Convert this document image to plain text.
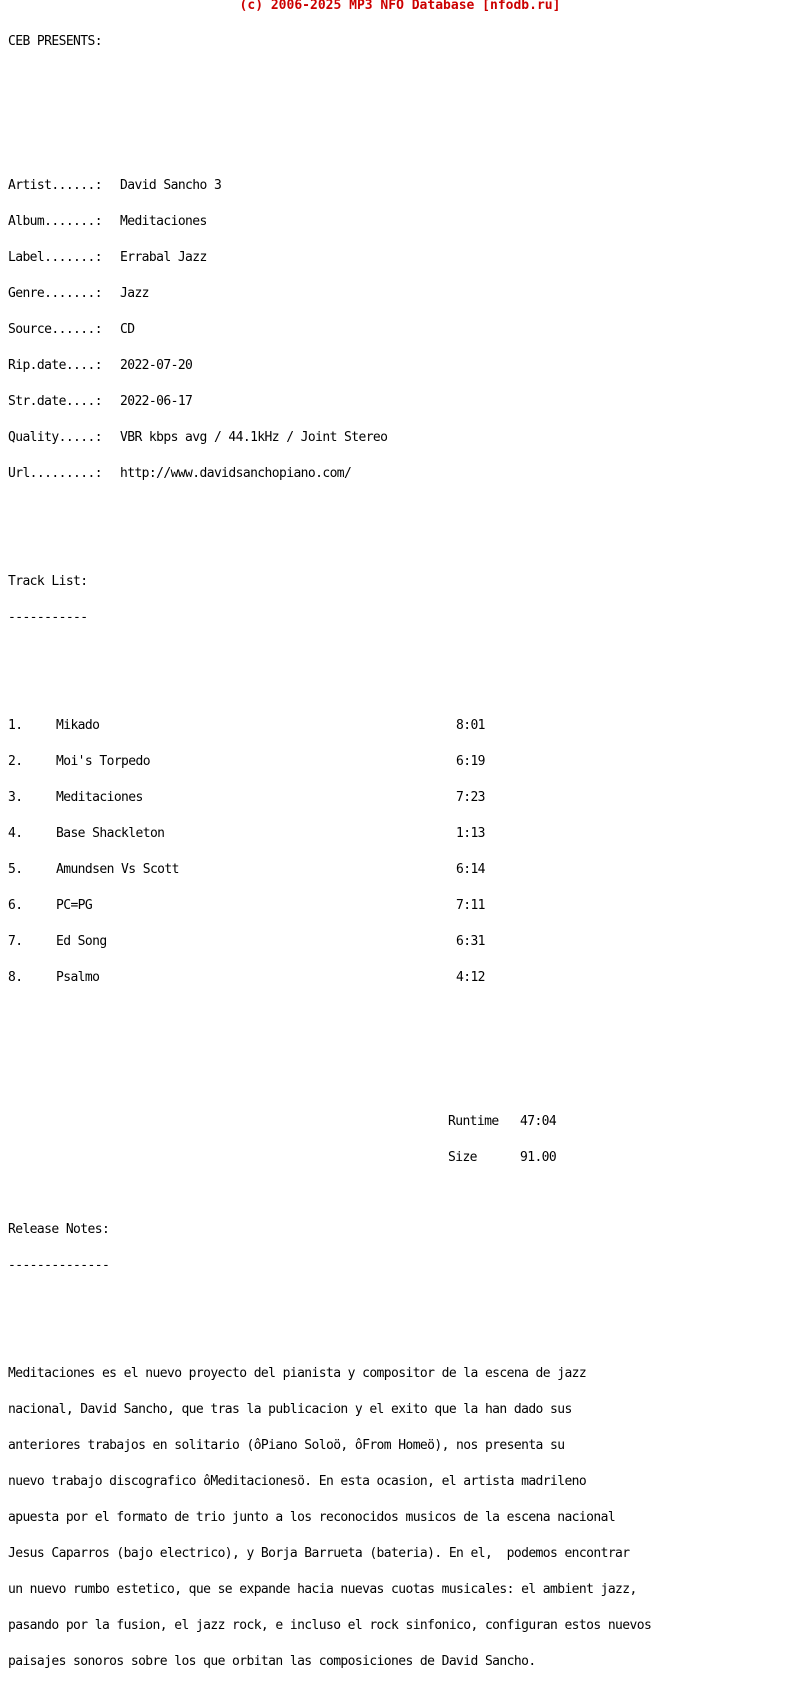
(c) 2006-2025 MP3 NFO Database [nfodb.ru]

CEB PRESENTS:

Artist......: David Sancho 3

Album.......: Meditaciones

Label.......: Errabal Jazz

Genre.......: Jazz

Source......: CD

Rip.date....: 2022-07-20

Str.date....: 2022-06-17

Quality.....: VBR kbps avg / 44.1kHz / Joint Stereo

Url.........: http://www.davidsanchopiano.com/

Track List:

-----------

1.	Mikado	8:01

2.	Moi's Torpedo	6:19

3.	Meditaciones	7:23

4.	Base Shackleton	1:13

5.	Amundsen Vs Scott	6:14

6.	PC=PG	7:11

7.	Ed Song	6:31

8.	Psalmo	4:12

Runtime 47:04

Size	91.00

Release Notes:

--------------

Meditaciones es el nuevo proyecto del pianista y compositor de la escena de jazz

nacional, David Sancho, que tras la publicacion y el exito que la han dado sus

anteriores trabajos en solitario (ôPiano Soloö, ôFrom Homeö), nos presenta su

nuevo trabajo discografico ôMeditacionesö. En esta ocasion, el artista madrileno

apuesta por el formato de trio junto a los reconocidos musicos de la escena nacional

Jesus Caparros (bajo electrico), y Borja Barrueta (bateria). En el,  podemos encontrar

un nuevo rumbo estetico, que se expande hacia nuevas cuotas musicales: el ambient jazz,

pasando por la fusion, el jazz rock, e incluso el rock sinfonico, configuran estos nuevos

paisajes sonoros sobre los que orbitan las composiciones de David Sancho.
